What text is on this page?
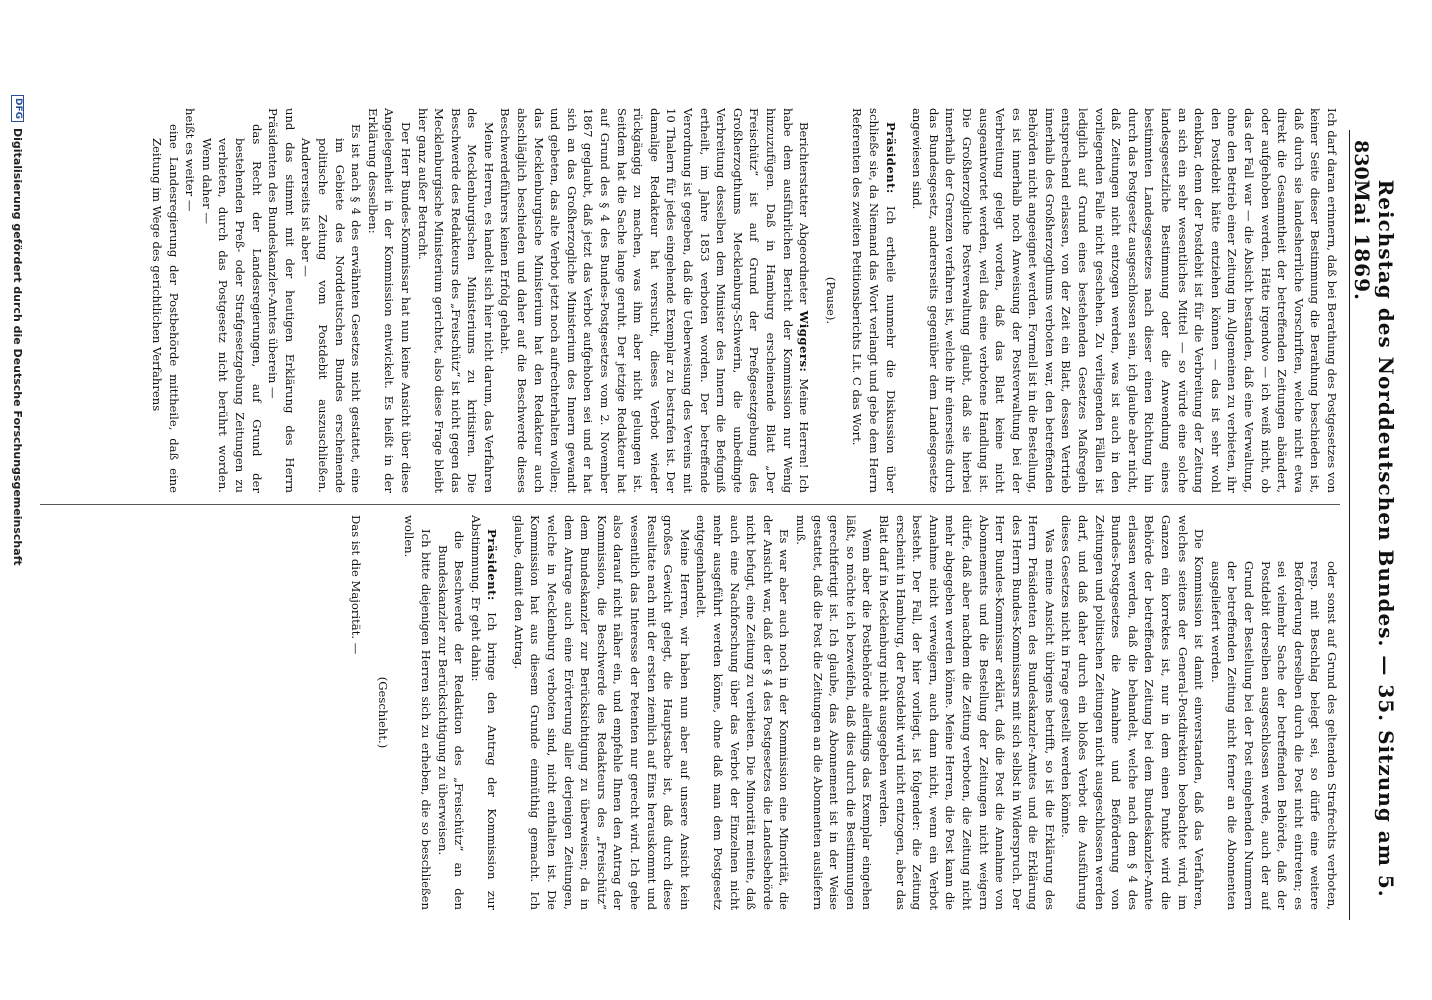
830
Reichstag des Norddeutschen Bundes. — 35. Sitzung am 5. Mai 1869.

Ich darf daran erinnern, daß bei Berathung des Postgesetzes von keiner Seite dieser Bestimmung die Berathung beschieden ist, daß durch sie landesherrliche Vorschriften, welche nicht etwa direkt die Gesammtheit der betreffenden Zeitungen abändert, oder aufgehoben werden. Hätte irgendwo — ich weiß nicht, ob das der Fall war — die Absicht bestanden, daß eine Verwaltung, ohne den Betrieb einer Zeitung im Allgemeinen zu verbieten, ihr den Postdebit hätte entziehen können — das ist sehr wohl denkbar, denn der Postdebit ist für die Verbreitung der Zeitung an sich ein sehr wesentliches Mittel — so würde eine solche landesgesetzliche Bestimmung oder die Anwendung eines bestimmten Landesgesetzes nach dieser einen Richtung hin durch das Postgesetz ausgeschlossen sein, ich glaube aber nicht, daß Zeitungen nicht entzogen werden, was ist auch in den vorliegenden Falle nicht geschehen. Zu verliegenden Fällen ist lediglich auf Grund eines bestehenden Gesetzes Maßregeln entsprechend erlassen, von der Zeit ein Blatt, dessen Vertrieb innerhalb des Großherzogthums verboten war, den betreffenden Behörden nicht angeeignet werden. Formell ist in die Bestellung, es ist innerhalb noch Anweisung der Postverwaltung bei der Verbreitung gelegt worden, daß das Blatt keine nicht ausgeantwortet werden, weil das eine verbotene Handlung ist. Die Großherzogliche Postverwaltung glaubt, daß sie hierbei innerhalb der Grenzen verfahren ist, welche ihr einerseits durch das Bundesgesetz, andererseits gegenüber dem Landesgesetze angewiesen sind.

Präsident: Ich ertheile nunmehr die Diskussion über schließe sie, da Niemand das Wort verlangt und gebe dem Herrn Referenten des zweiten Petitionsberichts Lit. C das Wort.

(Pause).

Berichterstatter Abgeordneter Wiggers: Meine Herren! Ich habe dem ausführlichen Bericht der Kommission nur Wenig hinzuzufügen. Daß in Hamburg erscheinende Blatt „Der Freischütz“ ist auf Grund der Preßgesetzgebung des Großherzogthums Mecklenburg-Schwerin, die unbedingte Verbreitung desselben dem Minister des Innern die Befugniß ertheilt, im Jahre 1853 verboten worden. Der betreffende Verordnung ist gegeben, daß die Ueberweisung des Vereins mit 10 Thalern für jedes eingehende Exemplar zu bestrafen ist. Der damalige Redakteur hat versucht, dieses Verbot wieder rückgängig zu machen, was ihm aber nicht gelungen ist. Seitdem hat die Sache lange geruht. Der jetzige Redakteur hat auf Grund des § 4 des Bundes-Postgesetzes vom 2. November 1867 geglaubt, daß jetzt das Verbot aufgehoben sei und er hat sich an das Großherzogliche Ministerium des Innern gewandt und gebeten, das alte Verbot jetzt noch aufrechterhalten wollen; das Mecklenburgische Ministerium hat den Redakteur auch abschläglich beschieden und daher auf die Beschwerde dieses Beschwerdeführers keinen Erfolg gehabt.

Meine Herren, es handelt sich hier nicht darum, das Verfahren des Mecklenburgischen Ministeriums zu kritisiren. Die Beschwerde des Redakteurs des „Freischütz“ ist nicht gegen das Mecklenburgische Ministerium gerichtet, also diese Frage bleibt hier ganz außer Betracht.

Der Herr Bundes-Kommissar hat nun keine Ansicht über diese Angelegenheit in der Kommission entwickelt. Es heißt in der Erklärung desselben:

Es ist nach § 4 des erwähnten Gesetzes nicht gestattet, eine im Gebiete des Norddeutschen Bundes erscheinende politische Zeitung vom Postdebit auszuschließen. Andererseits ist aber —

und das stimmt mit der heutigen Erklärung des Herrn Präsidenten des Bundeskanzler-Amtes überein —

das Recht der Landesregierungen, auf Grund der bestehenden Preß- oder Strafgesetzgebung Zeitungen zu verbieten, durch das Postgesetz nicht berührt worden. Wenn daher —

heißt es weiter —

eine Landesregierung der Postbehörde mittheile, daß eine Zeitung im Wege des gerichtlichen Verfahrens

oder sonst auf Grund des geltenden Strafrechts verboten, resp. mit Beschlag belegt sei, so dürfe eine weitere Beförderung derselben durch die Post nicht eintreten; es sei vielmehr Sache der betreffenden Behörde, daß der Postdebit derselben ausgeschlossen werde, auch der auf Grund der Bestellung bei der Post eingehenden Nummern der betreffenden Zeitung nicht ferner an die Abonnenten ausgeliefert werden.

Die Kommission ist damit einverstanden, daß das Verfahren, welches seitens der General-Postdirektion beobachtet wird, im Ganzen ein korrektes ist, nur in dem einen Punkte wird die Behörde der betreffenden Zeitung bei dem Bundeskanzler-Amte erlassen werden, daß die behandelt, welche nach dem § 4 des Bundes-Postgesetzes die Annahme und Beförderung von Zeitungen und politischen Zeitungen nicht ausgeschlossen werden darf, und daß daher durch ein bloßes Verbot die Ausführung dieses Gesetzes nicht in Frage gestellt werden könnte.

Was meine Ansicht übrigens betrifft, so ist die Erklärung des Herrn Präsidenten des Bundeskanzler-Amtes und die Erklärung des Herrn Bundes-Kommissars mit sich selbst in Widerspruch. Der Herr Bundes-Kommissar erklärt, daß die Post die Annahme von Abonnements und die Bestellung der Zeitungen nicht weigern dürfe, daß aber nachdem die Zeitung verboten, die Zeitung nicht mehr abgegeben werden könne. Meine Herren, die Post kann die Annahme nicht verweigern, auch dann nicht, wenn ein Verbot besteht. Der Fall, der hier vorliegt, ist folgender: die Zeitung erscheint in Hamburg, der Postdebit wird nicht entzogen, aber das Blatt darf in Mecklenburg nicht ausgegeben werden.

Wenn aber die Postbehörde allerdings das Exemplar eingehen läßt, so möchte ich bezweifeln, daß dies durch die Bestimmungen gerechtfertigt ist. Ich glaube, das Abonnement ist in der Weise gestattet, daß die Post die Zeitungen an die Abonnenten ausliefern muß.

Es war aber auch noch in der Kommission eine Minorität, die der Ansicht war, daß der § 4 des Postgesetzes die Landesbehörde nicht befugt, eine Zeitung zu verbieten. Die Minorität meinte, daß auch eine Nachforschung über das Verbot der Einzelnen nicht mehr ausgeführt werden könne, ohne daß man dem Postgesetz entgegenhandelt.

Meine Herren, wir haben nun aber auf unsere Ansicht kein großes Gewicht gelegt, die Hauptsache ist, daß durch diese Resultate nach mit der ersten ziemlich auf Eins herauskommt und wesentlich das Interesse der Petenten nur gerecht wird. Ich gehe also darauf nicht näher ein, und empfehle Ihnen den Antrag der Kommission, die Beschwerde des Redakteurs des „Freischütz“ dem Bundeskanzler zur Berücksichtigung zu überweisen; da in dem Antrage auch eine Erörterung aller derjenigen Zeitungen, welche in Mecklenburg verboten sind, nicht enthalten ist. Die Kommission hat aus diesem Grunde einmüthig gemacht. Ich glaube, damit den Antrag.

Präsident: Ich bringe den Antrag der Kommission zur Abstimmung. Er geht dahin:

die Beschwerde der Redaktion des „Freischütz“ an den Bundeskanzler zur Berücksichtigung zu überweisen.

Ich bitte diejenigen Herren sich zu erheben, die so beschließen wollen.

(Geschieht.)

Das ist die Majorität. —

DFG
Digitalisierung gefördert durch die Deutsche Forschungsgemeinschaft
